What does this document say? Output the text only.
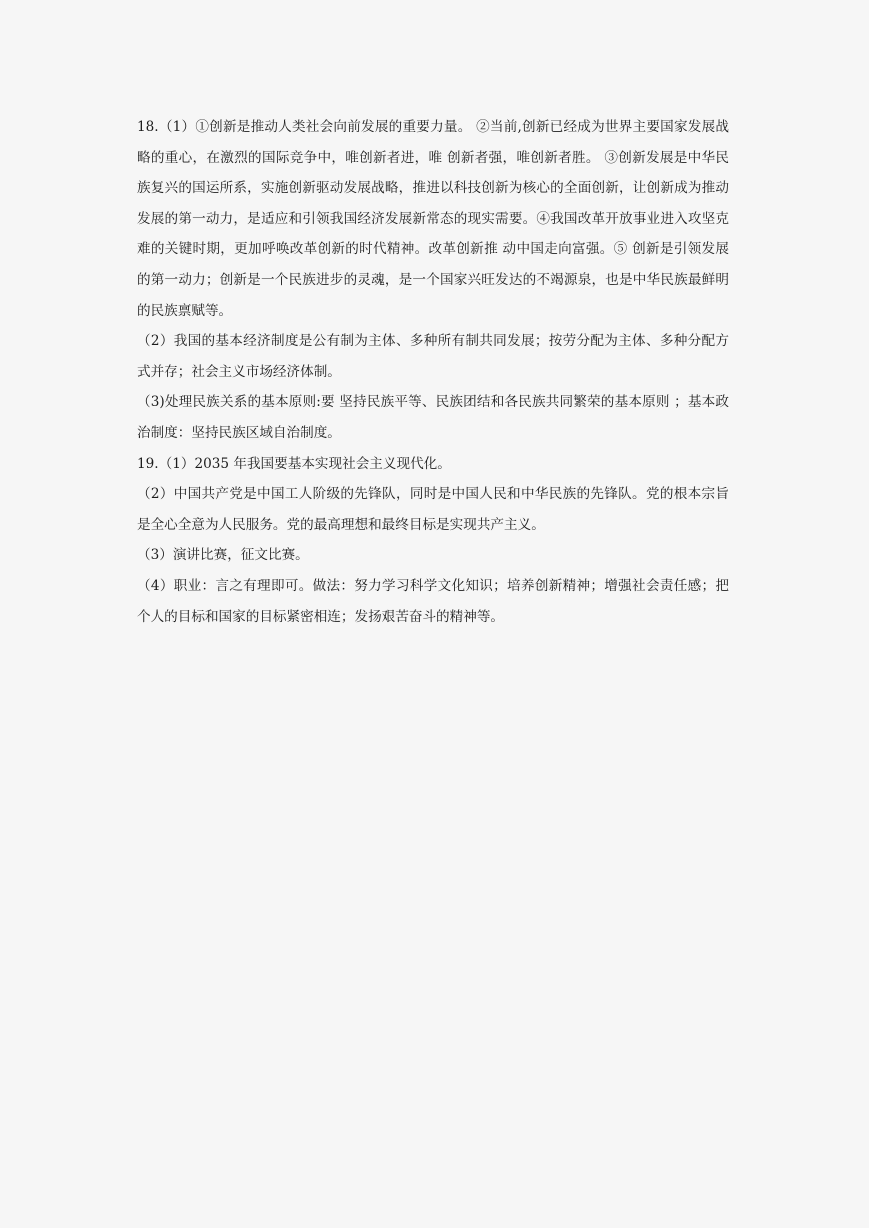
18.（1）①创新是推动人类社会向前发展的重要力量。 ②当前,创新已经成为世界主要国家发展战略的重心，在激烈的国际竞争中，唯创新者进，唯 创新者强，唯创新者胜。 ③创新发展是中华民族复兴的国运所系，实施创新驱动发展战略，推进以科技创新为核心的全面创新，让创新成为推动发展的第一动力，是适应和引领我国经济发展新常态的现实需要。④我国改革开放事业进入攻坚克难的关键时期，更加呼唤改革创新的时代精神。改革创新推 动中国走向富强。⑤ 创新是引领发展的第一动力；创新是一个民族进步的灵魂，是一个国家兴旺发达的不竭源泉，也是中华民族最鲜明的民族禀赋等。

（2）我国的基本经济制度是公有制为主体、多种所有制共同发展；按劳分配为主体、多种分配方式并存；社会主义市场经济体制。

（3)处理民族关系的基本原则:要 坚持民族平等、民族团结和各民族共同繁荣的基本原则 ；基本政治制度：坚持民族区域自治制度。

19.（1）2035 年我国要基本实现社会主义现代化。

（2）中国共产党是中国工人阶级的先锋队，同时是中国人民和中华民族的先锋队。党的根本宗旨是全心全意为人民服务。党的最高理想和最终目标是实现共产主义。

（3）演讲比赛，征文比赛。

（4）职业：言之有理即可。做法：努力学习科学文化知识；培养创新精神；增强社会责任感；把个人的目标和国家的目标紧密相连；发扬艰苦奋斗的精神等。
